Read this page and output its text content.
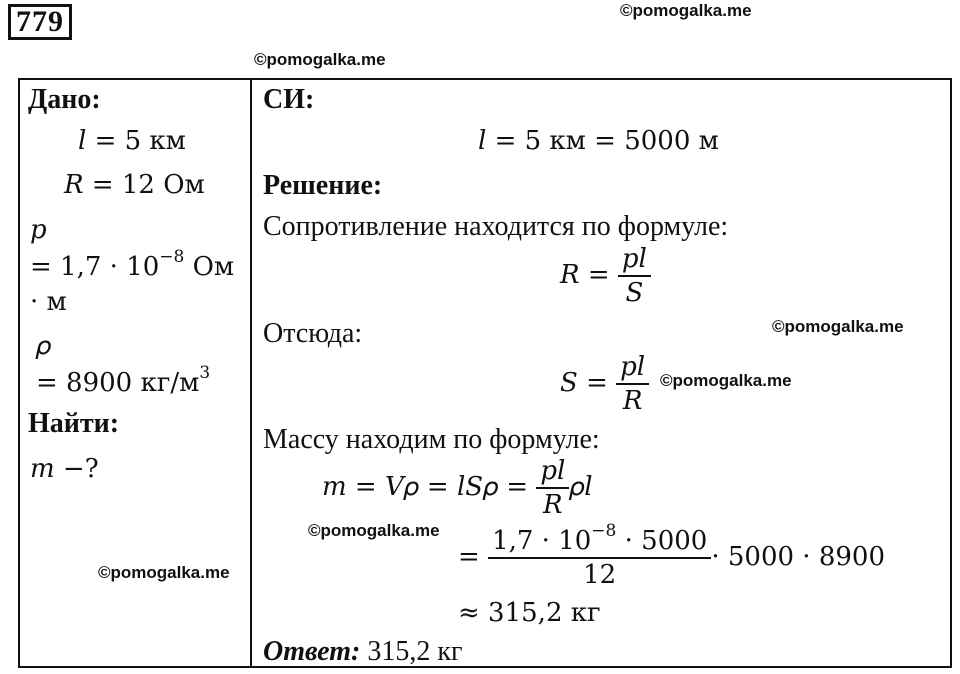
779	©pomogalka.me
©pomogalka.me
Дано:
𝑙 = 5 км
𝑅 = 12 Ом
𝑝
= $1,7 \cdot 10^{-8}$ Ом
· м
𝜌
= 8900 $кг/м^3$
Найти:
𝑚 −?
©pomogalka.me
СИ:
𝑙 = 5 км = 5000 м
Решение:
Сопротивление находится по формуле:
𝑅 = $\frac{\text{𝑝𝑙}}{\text{𝑆}}$
Отсюда:	©pomogalka.me
𝑆 = $\frac{\text{𝑝𝑙}}{\text{𝑅}}$ ©pomogalka.me
Массу находим по формуле:
𝑚 = 𝑉𝜌 = 𝑙𝑆𝜌 = $\frac{\text{𝑝𝑙}}{\text{𝑅}}$ 𝜌𝑙
©pomogalka.me
= $\frac{1,7 \cdot 10^{-8} \cdot 5000}{12} \cdot 5000 \cdot 8900$
≈ 315,2 кг
Ответ: 315,2 кг
